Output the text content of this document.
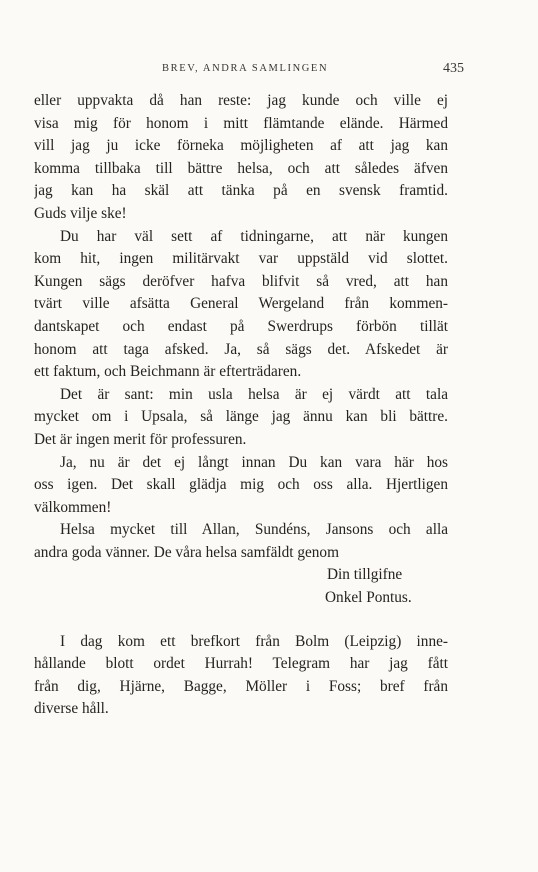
BREV, ANDRA SAMLINGEN	435
eller uppvakta då han reste: jag kunde och ville ej
visa mig för honom i mitt flämtande elände. Härmed
vill jag ju icke förneka möjligheten af att jag kan
komma tillbaka till bättre helsa, och att således äfven
jag kan ha skäl att tänka på en svensk framtid.
Guds vilje ske!
Du har väl sett af tidningarne, att när kungen
kom hit, ingen militärvakt var uppstäld vid slottet.
Kungen sägs deröfver hafva blifvit så vred, att han
tvärt ville afsätta General Wergeland från kommen-
dantskapet och endast på Swerdrups förbön tillät
honom att taga afsked. Ja, så sägs det. Afskedet är
ett faktum, och Beichmann är efterträdaren.
Det är sant: min usla helsa är ej värdt att tala
mycket om i Upsala, så länge jag ännu kan bli bättre.
Det är ingen merit för professuren.
Ja, nu är det ej långt innan Du kan vara här hos
oss igen. Det skall glädja mig och oss alla. Hjertligen
välkommen!
Helsa mycket till Allan, Sundéns, Jansons och alla
andra goda vänner. De våra helsa samfäldt genom
Din tillgifne
Onkel Pontus.
I dag kom ett brefkort från Bolm (Leipzig) inne-
hållande blott ordet Hurrah! Telegram har jag fått
från dig, Hjärne, Bagge, Möller i Foss; bref från
diverse håll.
